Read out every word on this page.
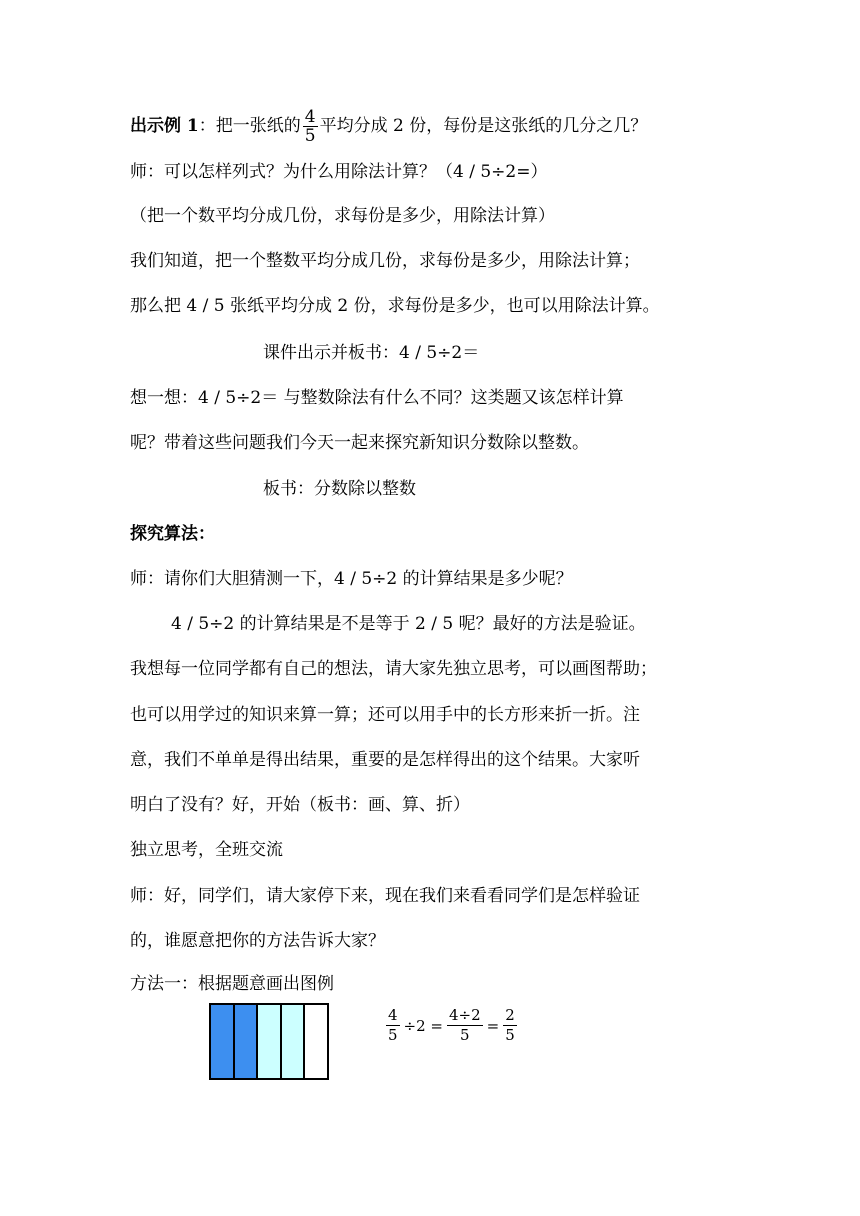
出示例 1：把一张纸的 $\frac{4}{5}$ 平均分成 2 份，每份是这张纸的几分之几？
师：可以怎样列式？为什么用除法计算？（4 / 5÷2=）
（把一个数平均分成几份，求每份是多少，用除法计算）
我们知道，把一个整数平均分成几份，求每份是多少，用除法计算；
那么把 4 / 5 张纸平均分成 2 份，求每份是多少，也可以用除法计算。
课件出示并板书：4 / 5÷2＝
想一想：4 / 5÷2＝ 与整数除法有什么不同？这类题又该怎样计算
呢？带着这些问题我们今天一起来探究新知识分数除以整数。
板书：分数除以整数
探究算法：
师：请你们大胆猜测一下，4 / 5÷2 的计算结果是多少呢？
4 / 5÷2 的计算结果是不是等于 2 / 5 呢？最好的方法是验证。
我想每一位同学都有自己的想法，请大家先独立思考，可以画图帮助；
也可以用学过的知识来算一算；还可以用手中的长方形来折一折。注
意，我们不单单是得出结果，重要的是怎样得出的这个结果。大家听
明白了没有？好，开始（板书：画、算、折）
独立思考，全班交流
师：好，同学们，请大家停下来，现在我们来看看同学们是怎样验证
的，谁愿意把你的方法告诉大家？
方法一：根据题意画出图例
$\frac{4}{5} \div 2 = \frac{4\div 2}{5} = \frac{2}{5}$
